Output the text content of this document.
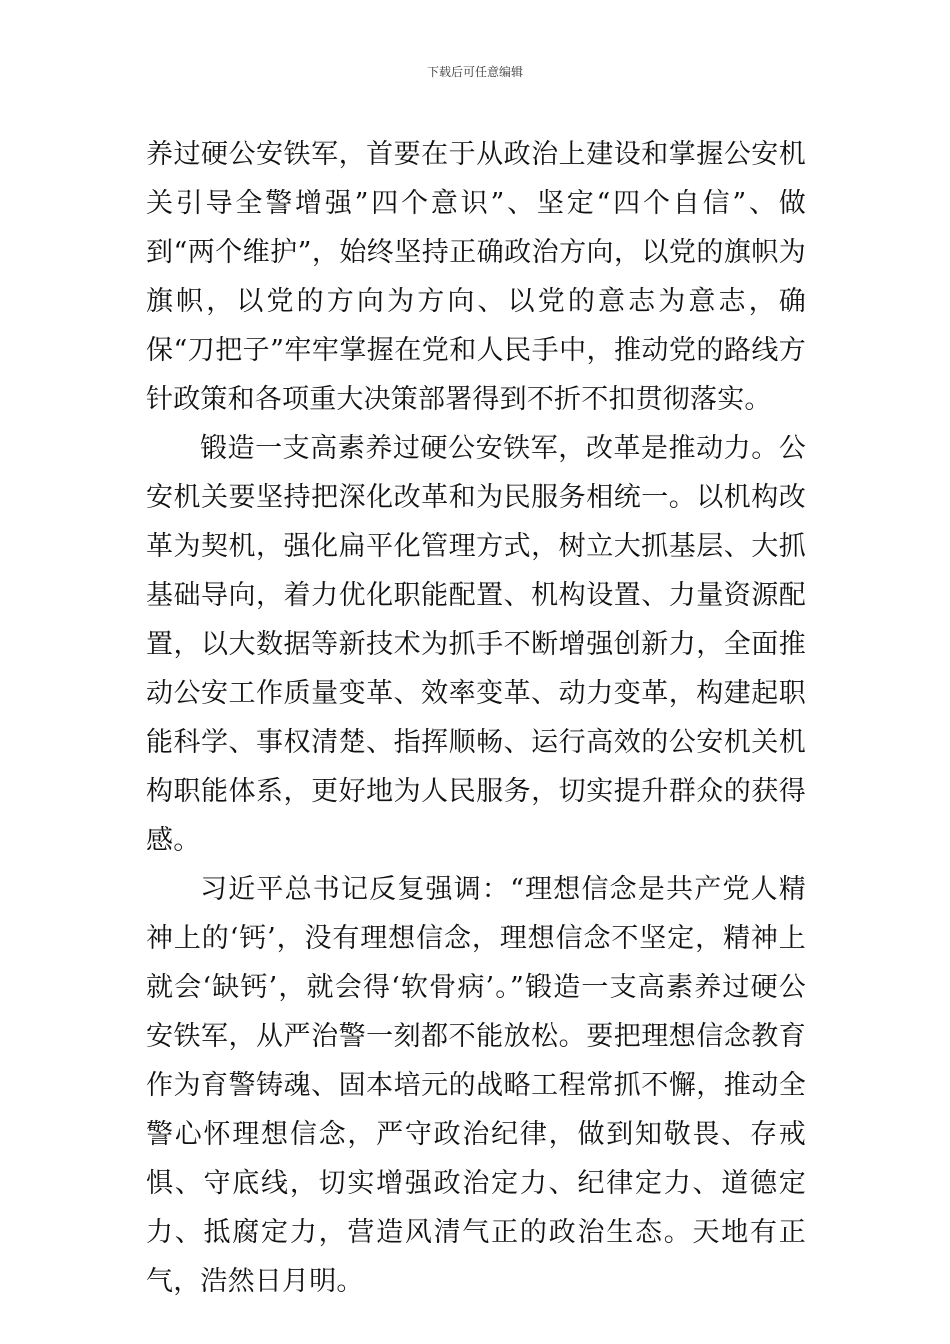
下载后可任意编辑

养过硬公安铁军，首要在于从政治上建设和掌握公安机关引导全警增强”四个意识”、坚定“四个自信”、做到“两个维护”，始终坚持正确政治方向，以党的旗帜为旗帜，以党的方向为方向、以党的意志为意志，确保“刀把子”牢牢掌握在党和人民手中，推动党的路线方针政策和各项重大决策部署得到不折不扣贯彻落实。

锻造一支高素养过硬公安铁军，改革是推动力。公安机关要坚持把深化改革和为民服务相统一。以机构改革为契机，强化扁平化管理方式，树立大抓基层、大抓基础导向，着力优化职能配置、机构设置、力量资源配置，以大数据等新技术为抓手不断增强创新力，全面推动公安工作质量变革、效率变革、动力变革，构建起职能科学、事权清楚、指挥顺畅、运行高效的公安机关机构职能体系，更好地为人民服务，切实提升群众的获得感。

习近平总书记反复强调：“理想信念是共产党人精神上的‘钙’，没有理想信念，理想信念不坚定，精神上就会‘缺钙’，就会得‘软骨病’。”锻造一支高素养过硬公安铁军，从严治警一刻都不能放松。要把理想信念教育作为育警铸魂、固本培元的战略工程常抓不懈，推动全警心怀理想信念，严守政治纪律，做到知敬畏、存戒惧、守底线，切实增强政治定力、纪律定力、道德定力、抵腐定力，营造风清气正的政治生态。天地有正气，浩然日月明。
